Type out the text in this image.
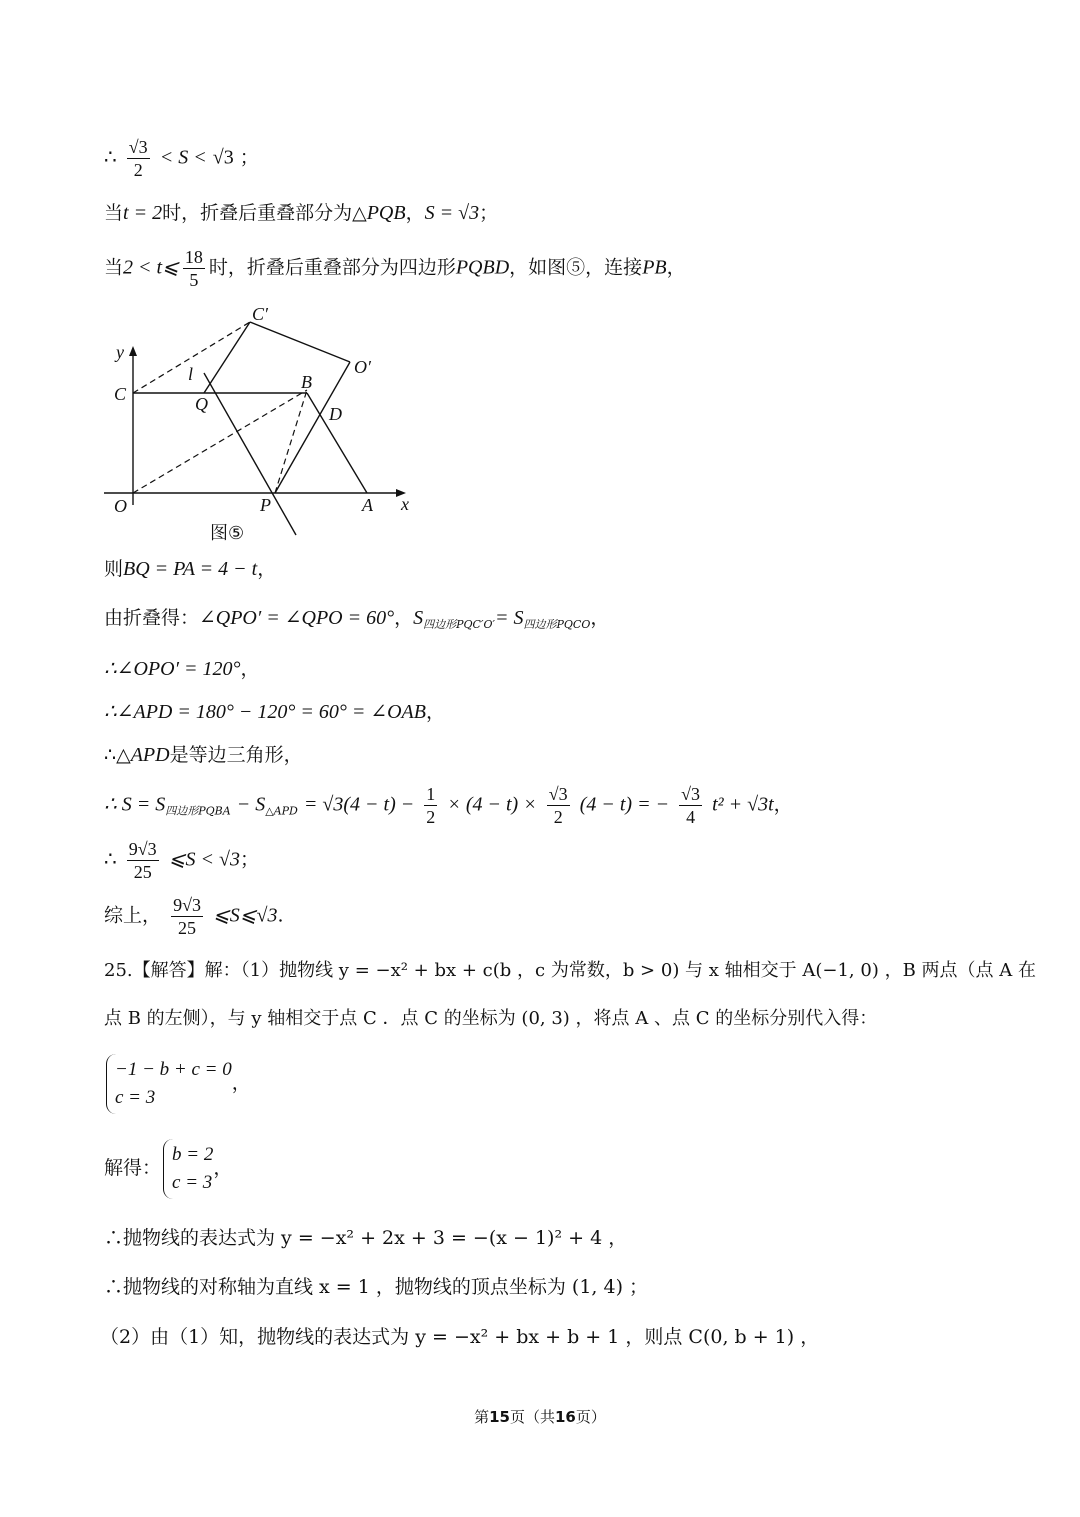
∴ $\frac{√3}{2} < S < √3$ ；
当t = 2时，折叠后重叠部分为△PQB，S = √3；
当2 < t⩽ $\frac{18}{5}$ 时，折叠后重叠部分为四边形PQBD，如图⑤，连接PB，
C′
O′
y
l
C	Q
B
D
O	P	A x
图⑤
则BQ = PA = 4 − t，
由折叠得：∠QPO′ = ∠QPO = 60°，$S_{四边形PQC'O'}= S_{四边形PQCO}$，
∴∠OPO′ = 120°，
∴∠APD = 180° − 120° = 60° = ∠OAB，
∴△APD是等边三角形，
∴ $S = S_{四边形PQBA} - S_{\triangle APD} = √3(4 - t) - \frac{1}{2} \times (4 - t) \times \frac{√3}{2} (4 - t)$ = − $\frac{√3}{4} t^2 + √3t$，
∴ $\frac{9√3}{25}$ ⩽S < √3；
综上， $\frac{9√3}{25}$ ⩽S⩽√3.
25.【解答】解：（1）抛物线 y = −x² + bx + c(b ，c 为常数，b > 0) 与 x 轴相交于 A(−1, 0) ，B 两点（点 A 在
点 B 的左侧），与 y 轴相交于点 C ．点 C 的坐标为 (0, 3) ，将点 A 、点 C 的坐标分别代入得：
−1 − b + c = 0
c = 3
，
解得：
b = 2
c = 3
，
∴抛物线的表达式为 y = −x² + 2x + 3 = −(x − 1)² + 4 ，
∴抛物线的对称轴为直线 x = 1 ，抛物线的顶点坐标为 (1, 4) ；
（2）由（1）知，抛物线的表达式为 y = −x² + bx + b + 1 ，则点 C(0, b + 1) ，
第15页（共16页）
